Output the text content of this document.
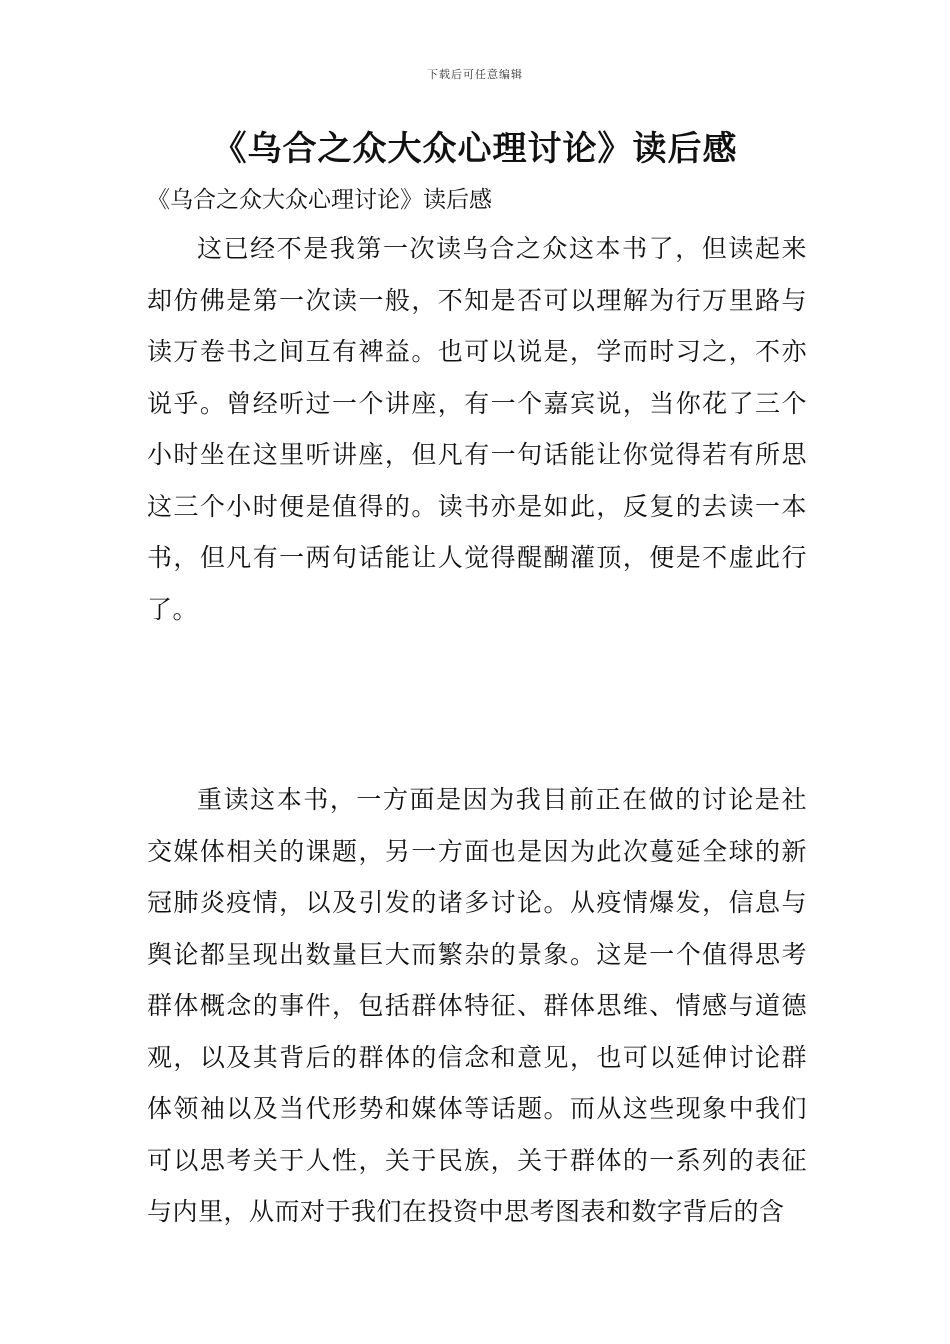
下载后可任意编辑
《乌合之众大众心理讨论》读后感

《乌合之众大众心理讨论》读后感

这已经不是我第一次读乌合之众这本书了，但读起来却仿佛是第一次读一般，不知是否可以理解为行万里路与读万卷书之间互有裨益。也可以说是，学而时习之，不亦说乎。曾经听过一个讲座，有一个嘉宾说，当你花了三个小时坐在这里听讲座，但凡有一句话能让你觉得若有所思这三个小时便是值得的。读书亦是如此，反复的去读一本书，但凡有一两句话能让人觉得醍醐灌顶，便是不虚此行了。

重读这本书，一方面是因为我目前正在做的讨论是社交媒体相关的课题，另一方面也是因为此次蔓延全球的新冠肺炎疫情，以及引发的诸多讨论。从疫情爆发，信息与舆论都呈现出数量巨大而繁杂的景象。这是一个值得思考群体概念的事件，包括群体特征、群体思维、情感与道德观，以及其背后的群体的信念和意见，也可以延伸讨论群体领袖以及当代形势和媒体等话题。而从这些现象中我们可以思考关于人性，关于民族，关于群体的一系列的表征与内里，从而对于我们在投资中思考图表和数字背后的含
